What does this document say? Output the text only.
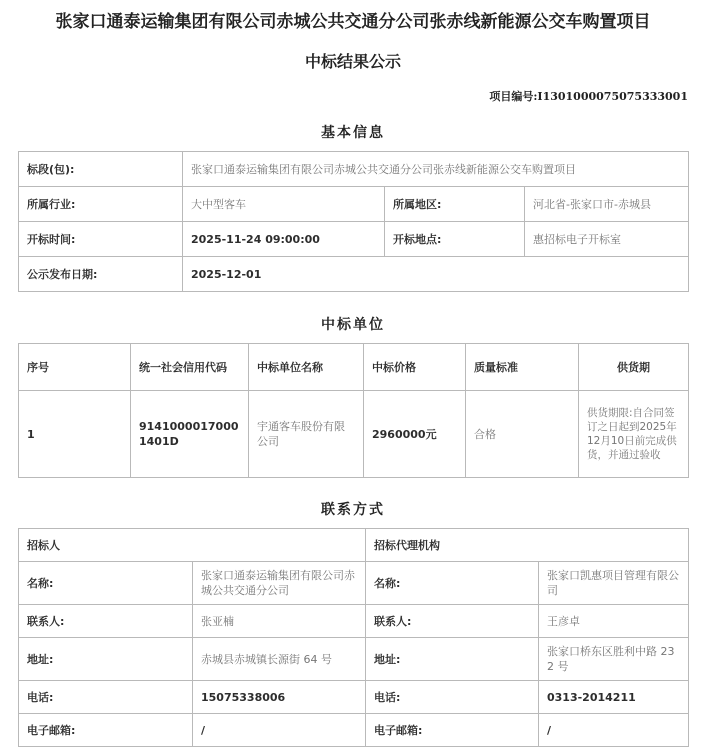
张家口通泰运输集团有限公司赤城公共交通分公司张赤线新能源公交车购置项目
中标结果公示
项目编号:I1301000075075333001
基本信息
标段(包):	张家口通泰运输集团有限公司赤城公共交通分公司张赤线新能源公交车购置项目		
所属行业:	大中型客车	所属地区:	河北省-张家口市-赤城县
开标时间:	2025-11-24 09:00:00	开标地点:	惠招标电子开标室
公示发布日期:	2025-12-01		
中标单位
序号	统一社会信用代码	中标单位名称	中标价格	质量标准	供货期
1	91410000170001401D	宇通客车股份有限公司	2960000元	合格	供货期限:自合同签订之日起到2025年12月10日前完成供货，并通过验收
联系方式
招标人		招标代理机构	
名称:	张家口通泰运输集团有限公司赤城公共交通分公司	名称:	张家口凯惠项目管理有限公司
联系人:	张亚楠	联系人:	王彦卓
地址:	赤城县赤城镇长源街 64 号	地址:	张家口桥东区胜利中路 232 号
电话:	15075338006	电话:	0313-2014211
电子邮箱:	/	电子邮箱:	/
